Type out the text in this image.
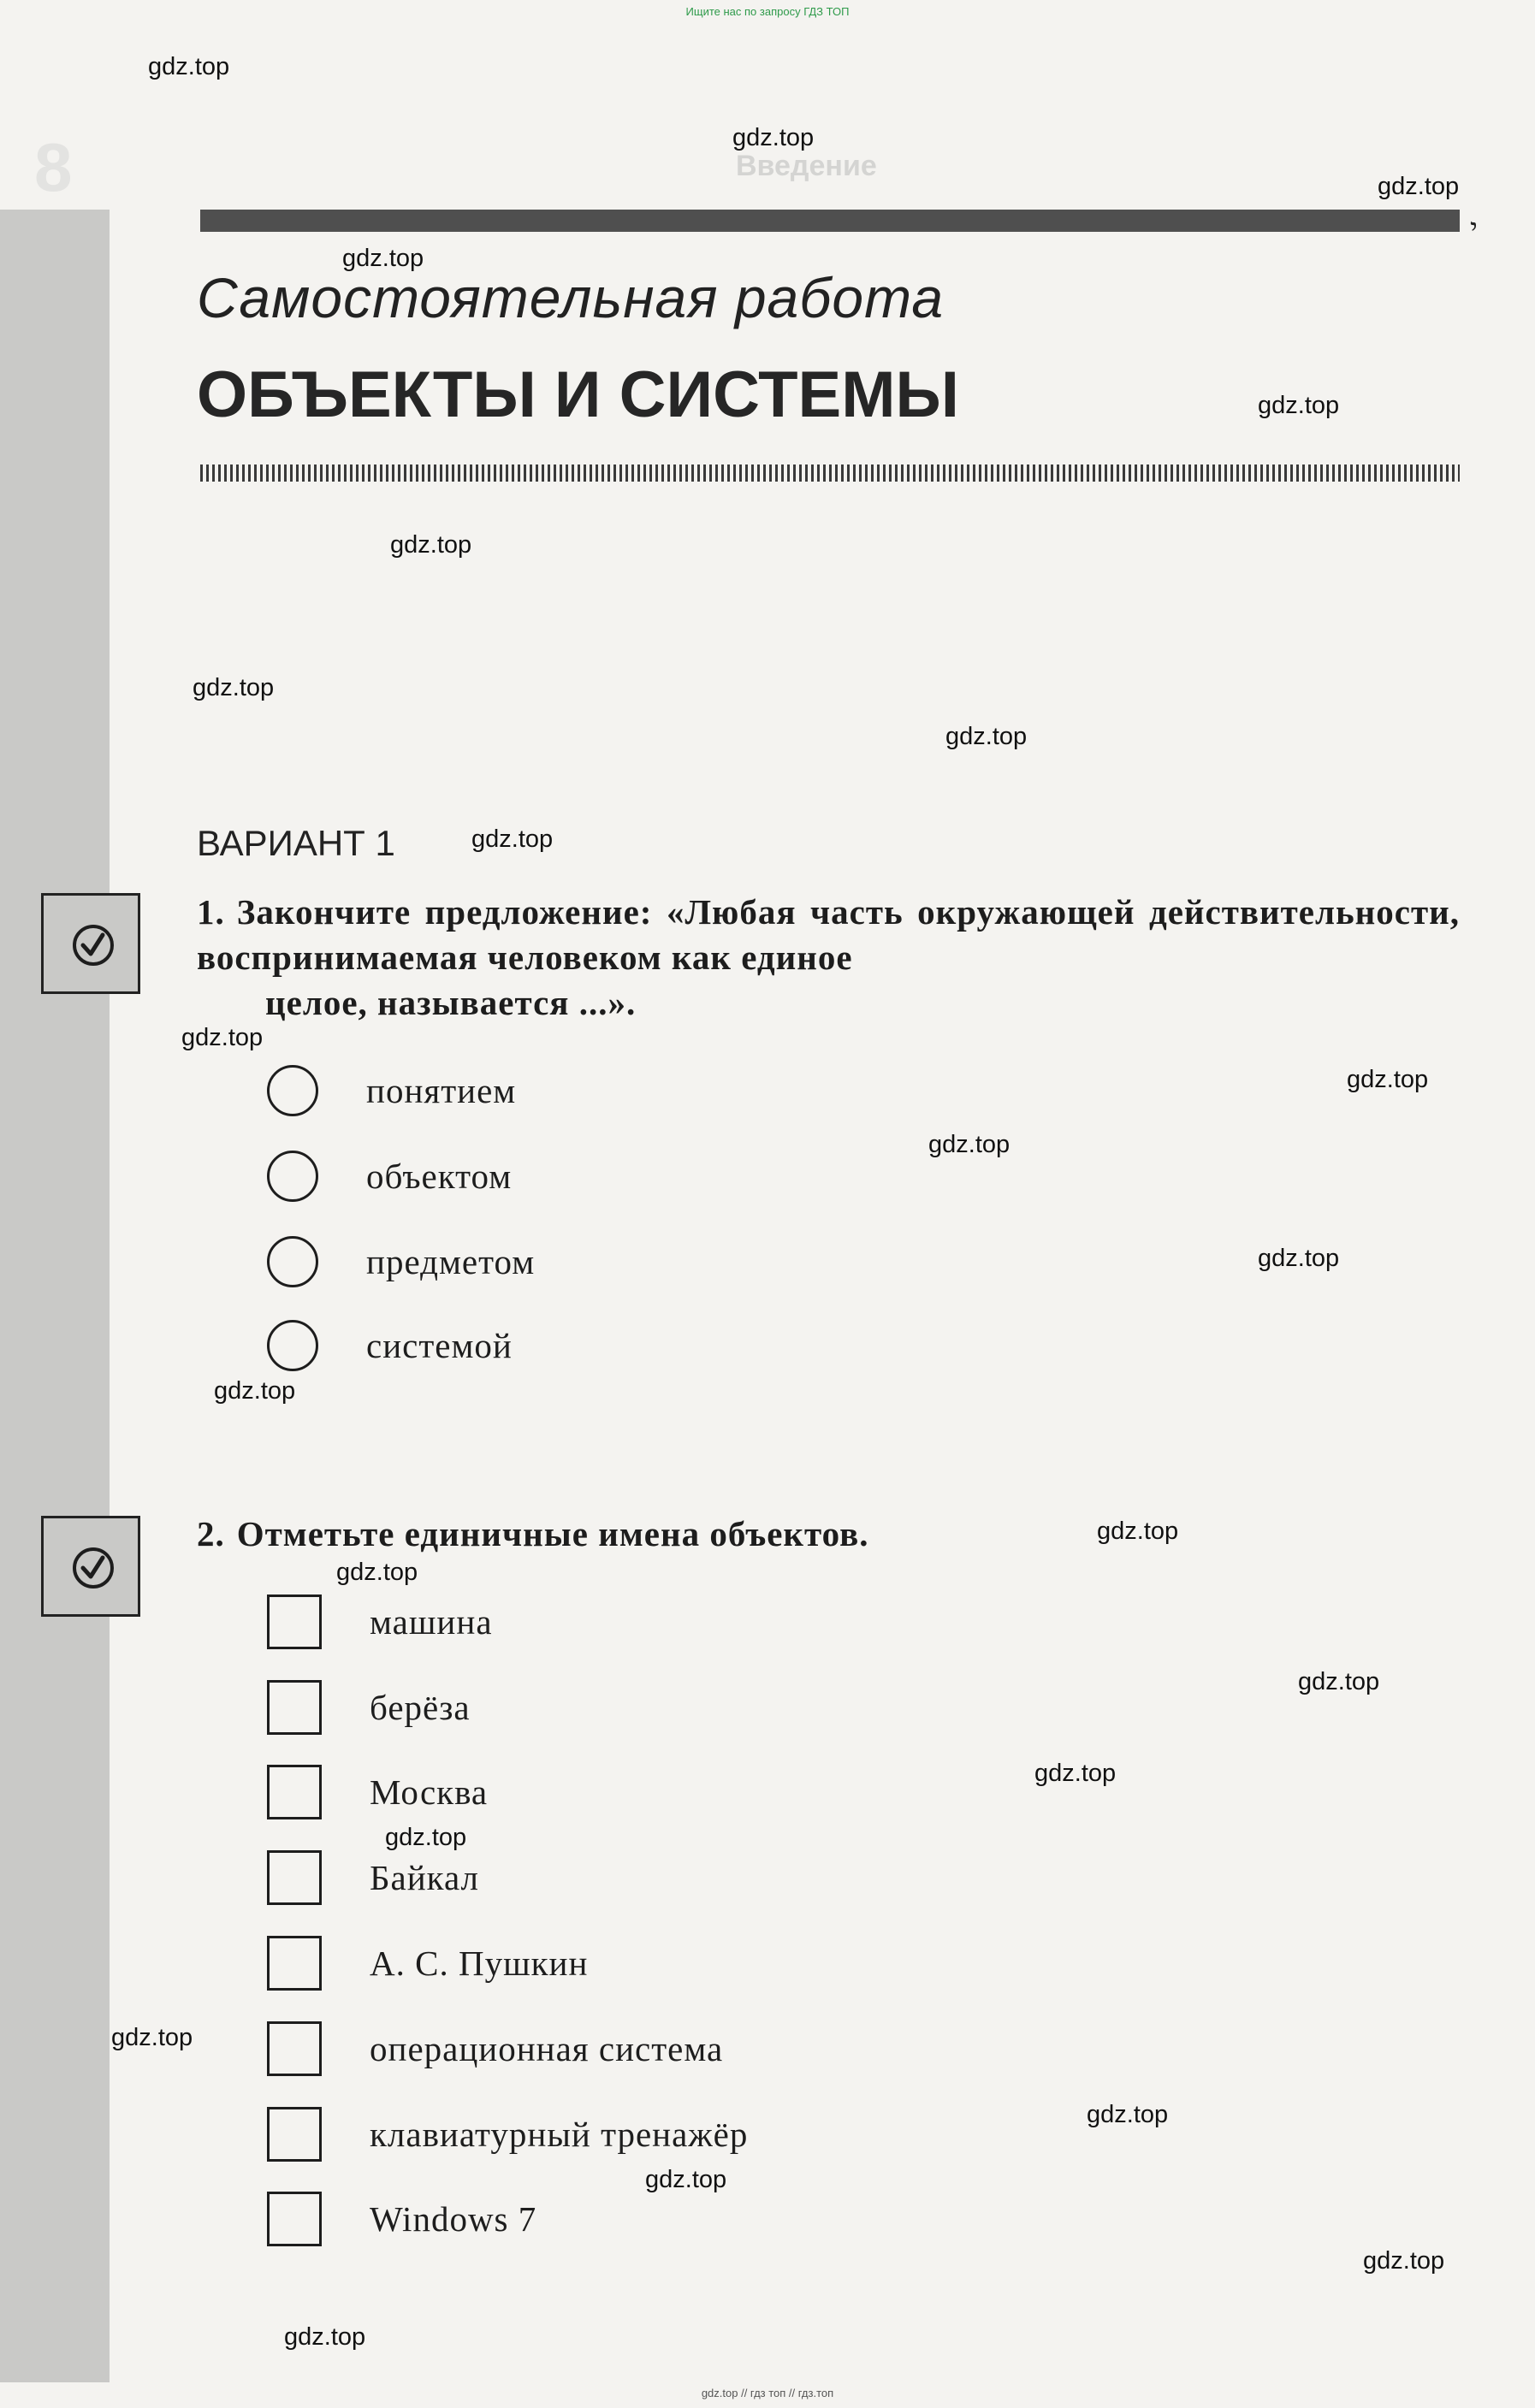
Ищите нас по запросу ГДЗ ТОП
8	Введение
י
Самостоятельная работа
ОБЪЕКТЫ И СИСТЕМЫ
ВАРИАНТ 1
1. Закончите предложение: «Любая часть окружающей действительности, воспринимаемая человеком как единое
целое, называется ...».
понятием
объектом
предметом
системой
2. Отметьте единичные имена объектов.
машина
берёза
Москва
Байкал
А. С. Пушкин
операционная система
клавиатурный тренажёр
Windows 7
gdz.top
gdz.top
gdz.top
gdz.top
gdz.top
gdz.top
gdz.top
gdz.top
gdz.top
gdz.top
gdz.top
gdz.top
gdz.top
gdz.top
gdz.top
gdz.top
gdz.top
gdz.top
gdz.top
gdz.top
gdz.top
gdz.top
gdz.top
gdz.top
gdz.top // гдз топ // гдз.топ
